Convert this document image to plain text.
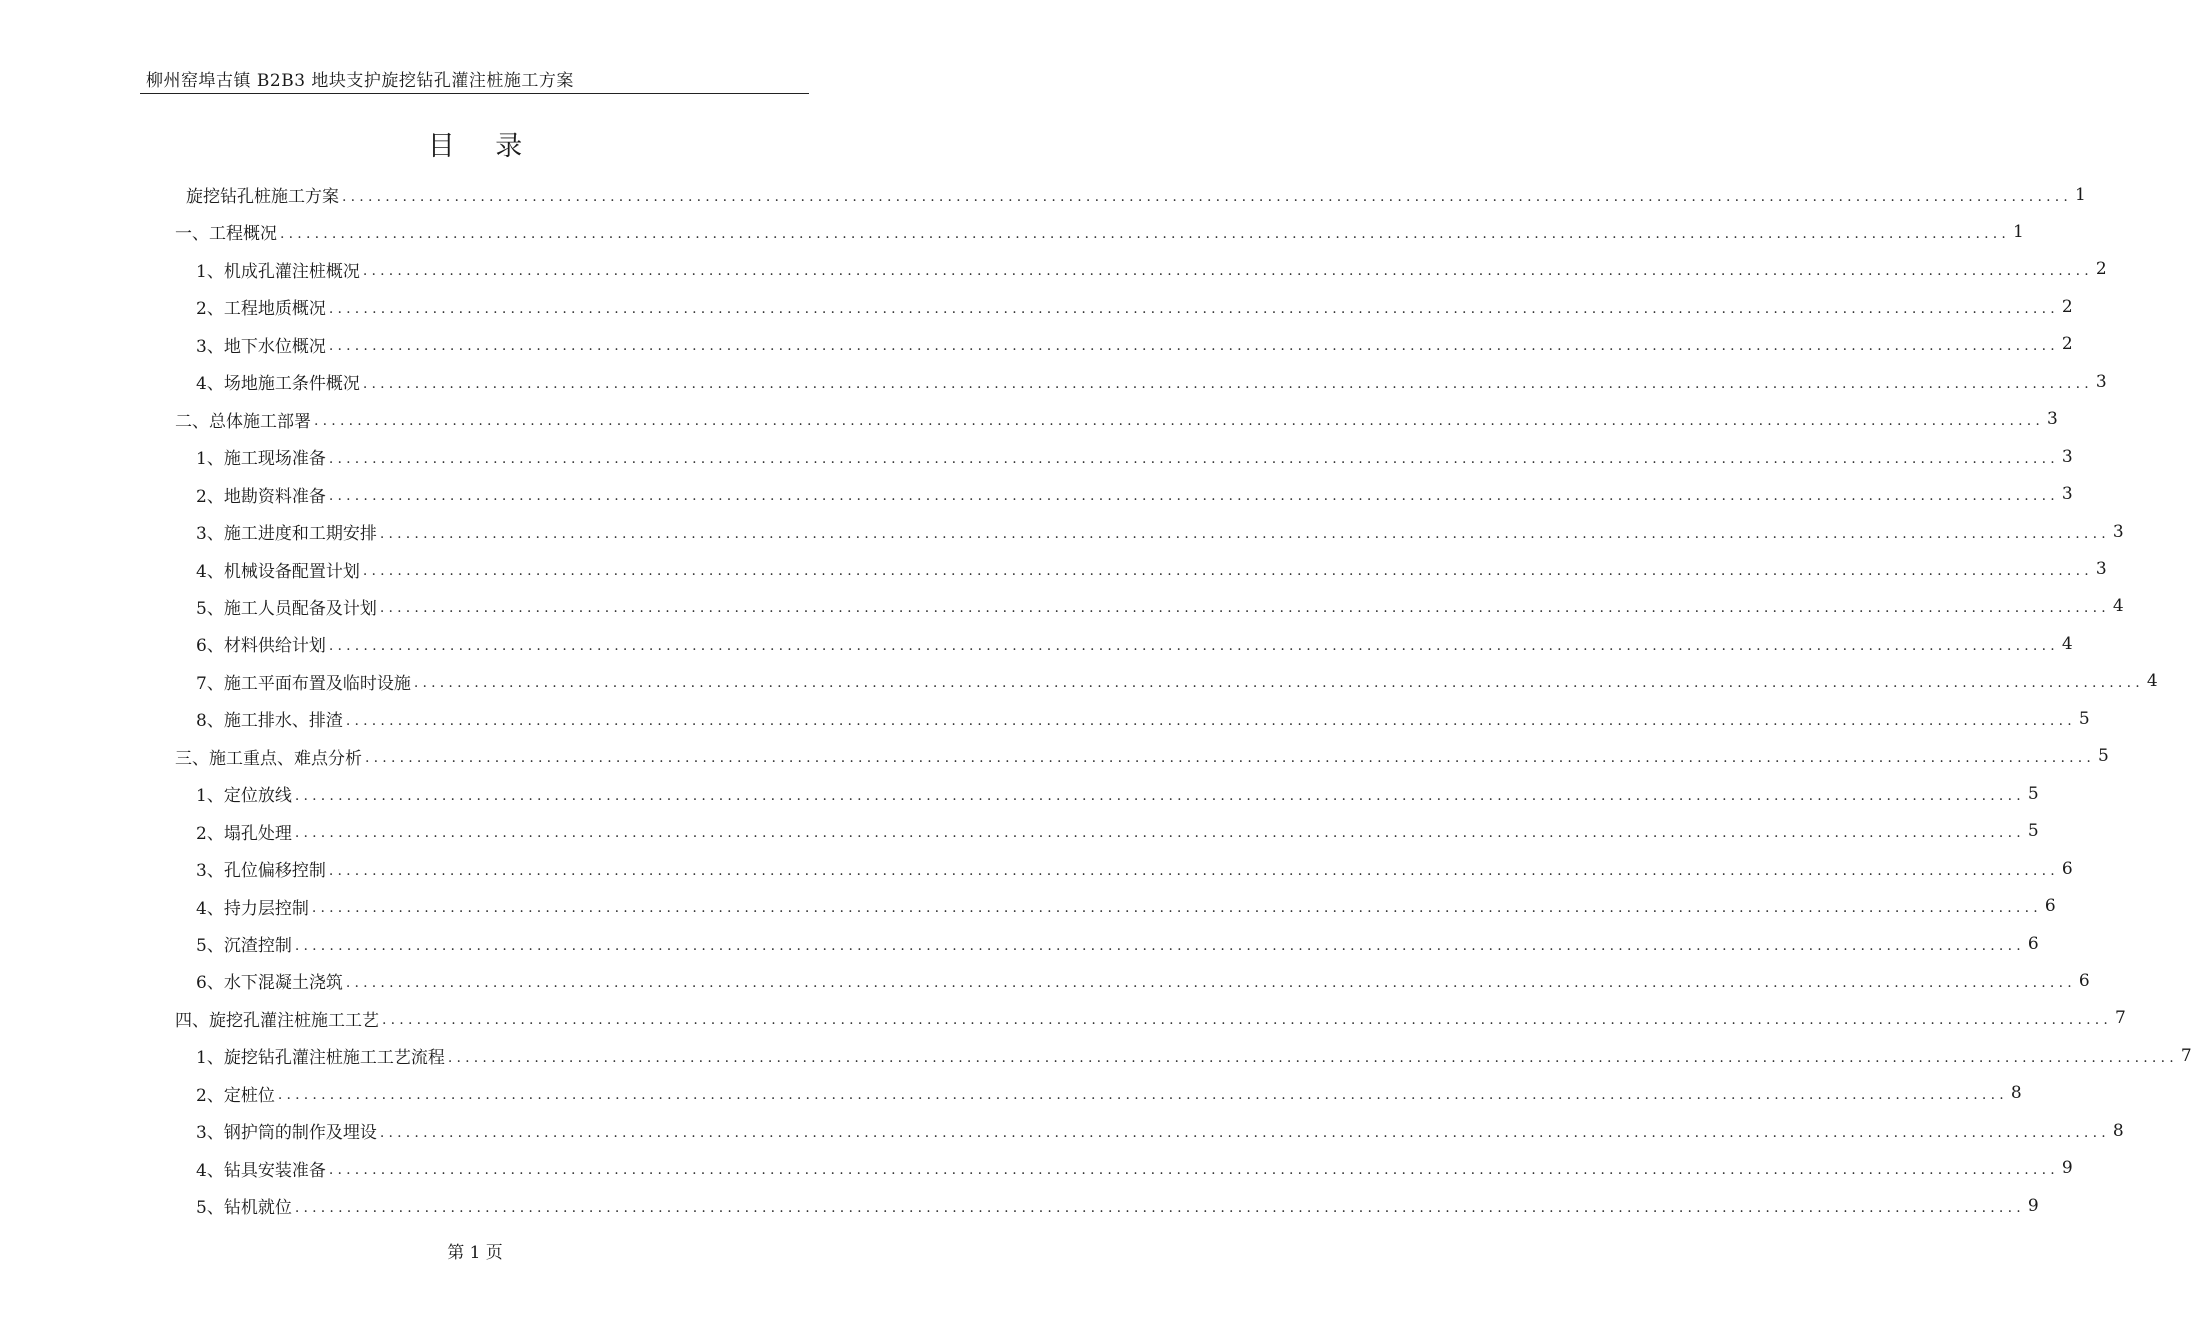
柳州窑埠古镇 B2B3 地块支护旋挖钻孔灌注桩施工方案
目 录
旋挖钻孔桩施工方案 ........................................................................................................................................................................................................ 1
一、 工程概况 ........................................................................................................................................................................................................ 1
1、 机成孔灌注桩概况 ........................................................................................................................................................................................................ 2
2、 工程地质概况 ........................................................................................................................................................................................................ 2
3、 地下水位概况 ........................................................................................................................................................................................................ 2
4、 场地施工条件概况 ........................................................................................................................................................................................................ 3
二、 总体施工部署 ........................................................................................................................................................................................................ 3
1、 施工现场准备 ........................................................................................................................................................................................................ 3
2、 地勘资料准备 ........................................................................................................................................................................................................ 3
3、 施工进度和工期安排 ........................................................................................................................................................................................................ 3
4、 机械设备配置计划 ........................................................................................................................................................................................................ 3
5、 施工人员配备及计划 ........................................................................................................................................................................................................ 4
6、 材料供给计划 ........................................................................................................................................................................................................ 4
7、 施工平面布置及临时设施 ........................................................................................................................................................................................................ 4
8、 施工排水、排渣 ........................................................................................................................................................................................................ 5
三、 施工重点、难点分析 ........................................................................................................................................................................................................ 5
1、 定位放线 ........................................................................................................................................................................................................ 5
2、 塌孔处理 ........................................................................................................................................................................................................ 5
3、 孔位偏移控制 ........................................................................................................................................................................................................ 6
4、 持力层控制 ........................................................................................................................................................................................................ 6
5、 沉渣控制 ........................................................................................................................................................................................................ 6
6、 水下混凝土浇筑 ........................................................................................................................................................................................................ 6
四、 旋挖孔灌注桩施工工艺 ........................................................................................................................................................................................................ 7
1、 旋挖钻孔灌注桩施工工艺流程 ........................................................................................................................................................................................................ 7
2、 定桩位 ........................................................................................................................................................................................................ 8
3、 钢护筒的制作及埋设 ........................................................................................................................................................................................................ 8
4、 钻具安装准备 ........................................................................................................................................................................................................ 9
5、 钻机就位 ........................................................................................................................................................................................................ 9
第 1 页
